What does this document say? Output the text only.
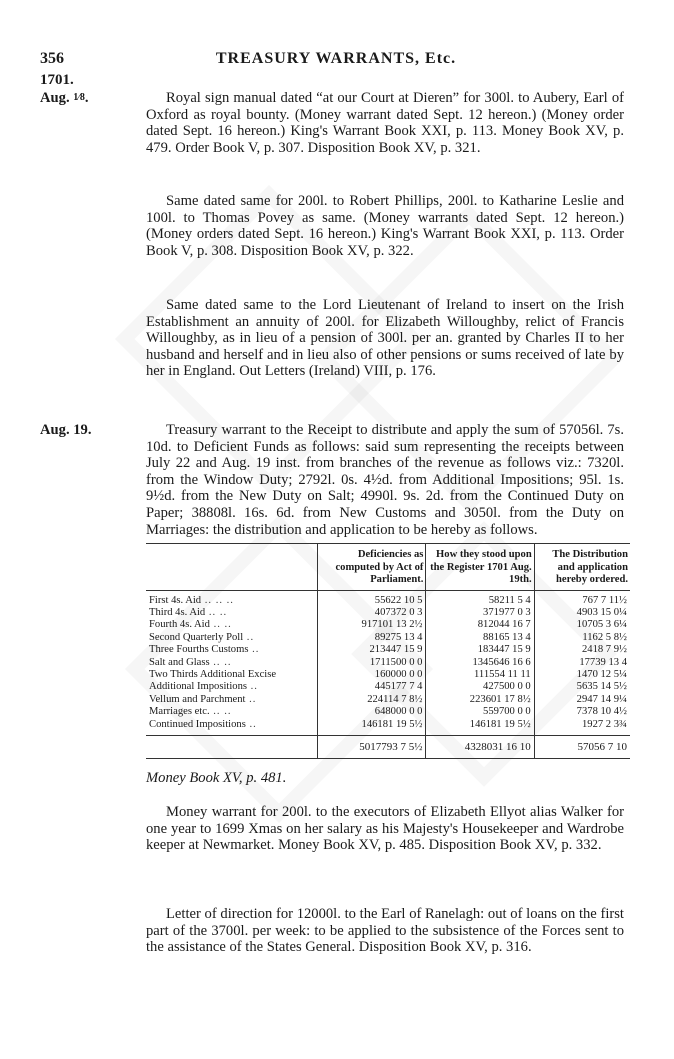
356	TREASURY WARRANTS, Etc.
1701.
Aug. 1⁄8.	Royal sign manual dated “at our Court at Dieren” for 300l. to Aubery, Earl of Oxford as royal bounty. (Money warrant dated Sept. 12 hereon.) (Money order dated Sept. 16 hereon.) King's Warrant Book XXI, p. 113. Money Book XV, p. 479. Order Book V, p. 307. Disposition Book XV, p. 321.

Same dated same for 200l. to Robert Phillips, 200l. to Katharine Leslie and 100l. to Thomas Povey as same. (Money warrants dated Sept. 12 hereon.) (Money orders dated Sept. 16 hereon.) King's Warrant Book XXI, p. 113. Order Book V, p. 308. Disposition Book XV, p. 322.

Same dated same to the Lord Lieutenant of Ireland to insert on the Irish Establishment an annuity of 200l. for Elizabeth Willoughby, relict of Francis Willoughby, as in lieu of a pension of 300l. per an. granted by Charles II to her husband and herself and in lieu also of other pensions or sums received of late by her in England. Out Letters (Ireland) VIII, p. 176.

Aug. 19.	Treasury warrant to the Receipt to distribute and apply the sum of 57056l. 7s. 10d. to Deficient Funds as follows: said sum representing the receipts between July 22 and Aug. 19 inst. from branches of the revenue as follows viz.: 7320l. from the Window Duty; 2792l. 0s. 4½d. from Additional Impositions; 95l. 1s. 9½d. from the New Duty on Salt; 4990l. 9s. 2d. from the Continued Duty on Paper; 38808l. 16s. 6d. from New Customs and 3050l. from the Duty on Marriages: the distribution and application to be hereby as follows.

	Deficiencies as computed by Act of Parliament.	How they stood upon the Register 1701 Aug. 19th.	The Distribution and application hereby ordered.
First 4s. Aid .. .. ..	55622 10 5	58211 5 4	767 7 11½
Third 4s. Aid .. ..	407372 0 3	371977 0 3	4903 15 0¼
Fourth 4s. Aid .. ..	917101 13 2½	812044 16 7	10705 3 6¼
Second Quarterly Poll ..	89275 13 4	88165 13 4	1162 5 8½
Three Fourths Customs ..	213447 15 9	183447 15 9	2418 7 9½
Salt and Glass .. ..	1711500 0 0	1345646 16 6	17739 13 4
Two Thirds Additional Excise	160000 0 0	111554 11 11	1470 12 5¼
Additional Impositions ..	445177 7 4	427500 0 0	5635 14 5½
Vellum and Parchment ..	224114 7 8½	223601 17 8½	2947 14 9¼
Marriages etc. .. ..	648000 0 0	559700 0 0	7378 10 4½
Continued Impositions ..	146181 19 5½	146181 19 5½	1927 2 3¾
	5017793 7 5½	4328031 16 10	57056 7 10
Money Book XV, p. 481.

Money warrant for 200l. to the executors of Elizabeth Ellyot alias Walker for one year to 1699 Xmas on her salary as his Majesty's Housekeeper and Wardrobe keeper at Newmarket. Money Book XV, p. 485. Disposition Book XV, p. 332.

Letter of direction for 12000l. to the Earl of Ranelagh: out of loans on the first part of the 3700l. per week: to be applied to the subsistence of the Forces sent to the assistance of the States General. Disposition Book XV, p. 316.
